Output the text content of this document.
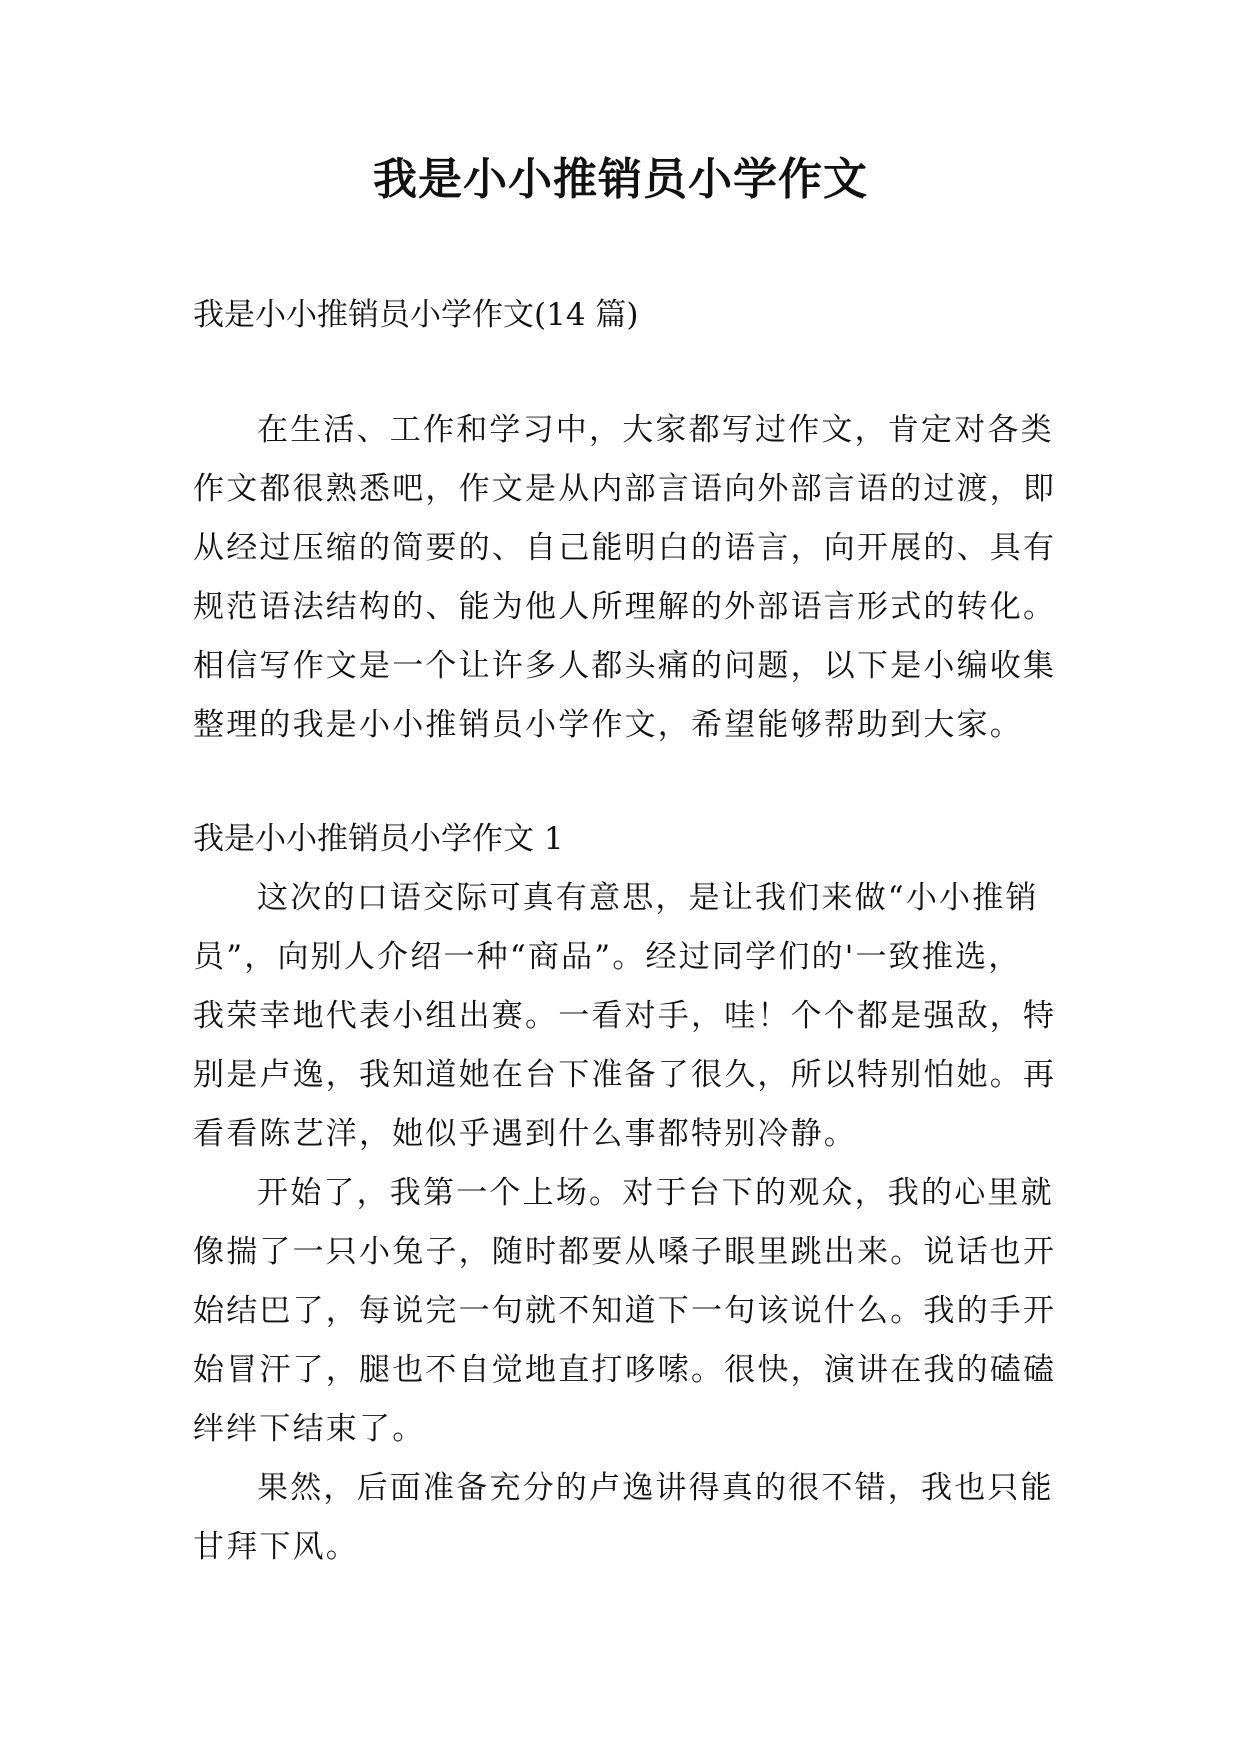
我是小小推销员小学作文

我是小小推销员小学作文(14 篇)

在生活、工作和学习中，大家都写过作文，肯定对各类
作文都很熟悉吧，作文是从内部言语向外部言语的过渡，即
从经过压缩的简要的、自己能明白的语言，向开展的、具有
规范语法结构的、能为他人所理解的外部语言形式的转化。
相信写作文是一个让许多人都头痛的问题，以下是小编收集
整理的我是小小推销员小学作文，希望能够帮助到大家。
我是小小推销员小学作文 1
这次的口语交际可真有意思，是让我们来做“小小推销
员”，向别人介绍一种“商品”。经过同学们的'一致推选，
我荣幸地代表小组出赛。一看对手，哇！个个都是强敌，特
别是卢逸，我知道她在台下准备了很久，所以特别怕她。再
看看陈艺洋，她似乎遇到什么事都特别冷静。
开始了，我第一个上场。对于台下的观众，我的心里就
像揣了一只小兔子，随时都要从嗓子眼里跳出来。说话也开
始结巴了，每说完一句就不知道下一句该说什么。我的手开
始冒汗了，腿也不自觉地直打哆嗦。很快，演讲在我的磕磕
绊绊下结束了。
果然，后面准备充分的卢逸讲得真的很不错，我也只能
甘拜下风。
